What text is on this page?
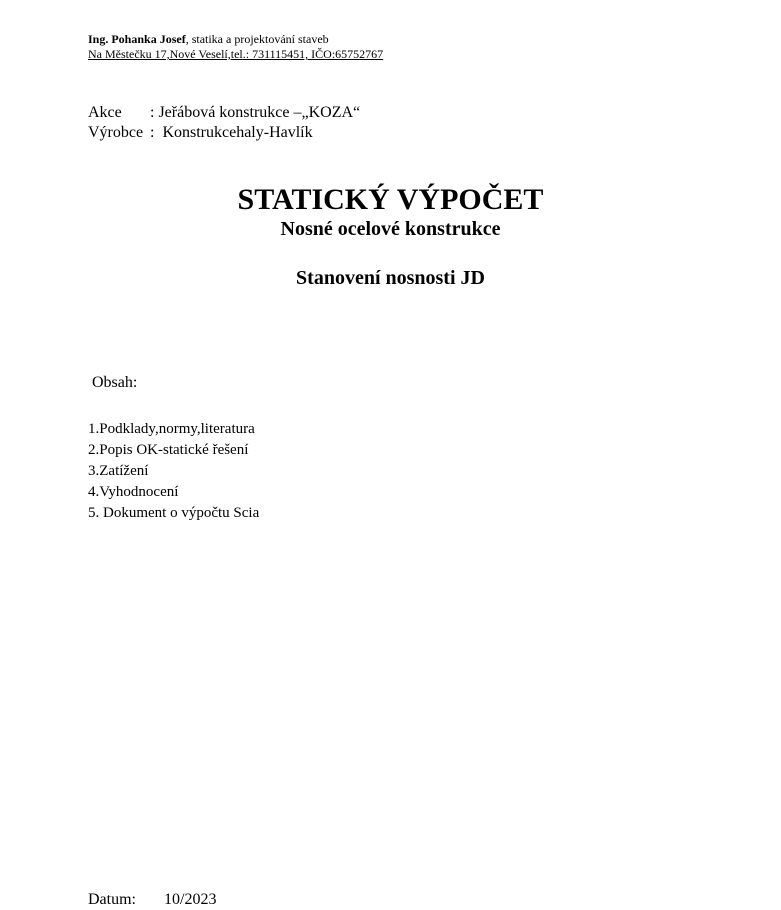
Ing. Pohanka Josef, statika a projektování staveb
Na Městečku 17,Nové Veselí,tel.: 731115451, IČO:65752767
Akce : Jeřábová konstrukce –„KOZA“
Výrobce :  Konstrukcehaly-Havlík
STATICKÝ VÝPOČET
Nosné ocelové konstrukce
Stanovení nosnosti JD
Obsah:
1.Podklady,normy,literatura
2.Popis OK-statické řešení
3.Zatížení
4.Vyhodnocení
5. Dokument o výpočtu Scia
Datum:       10/2023
